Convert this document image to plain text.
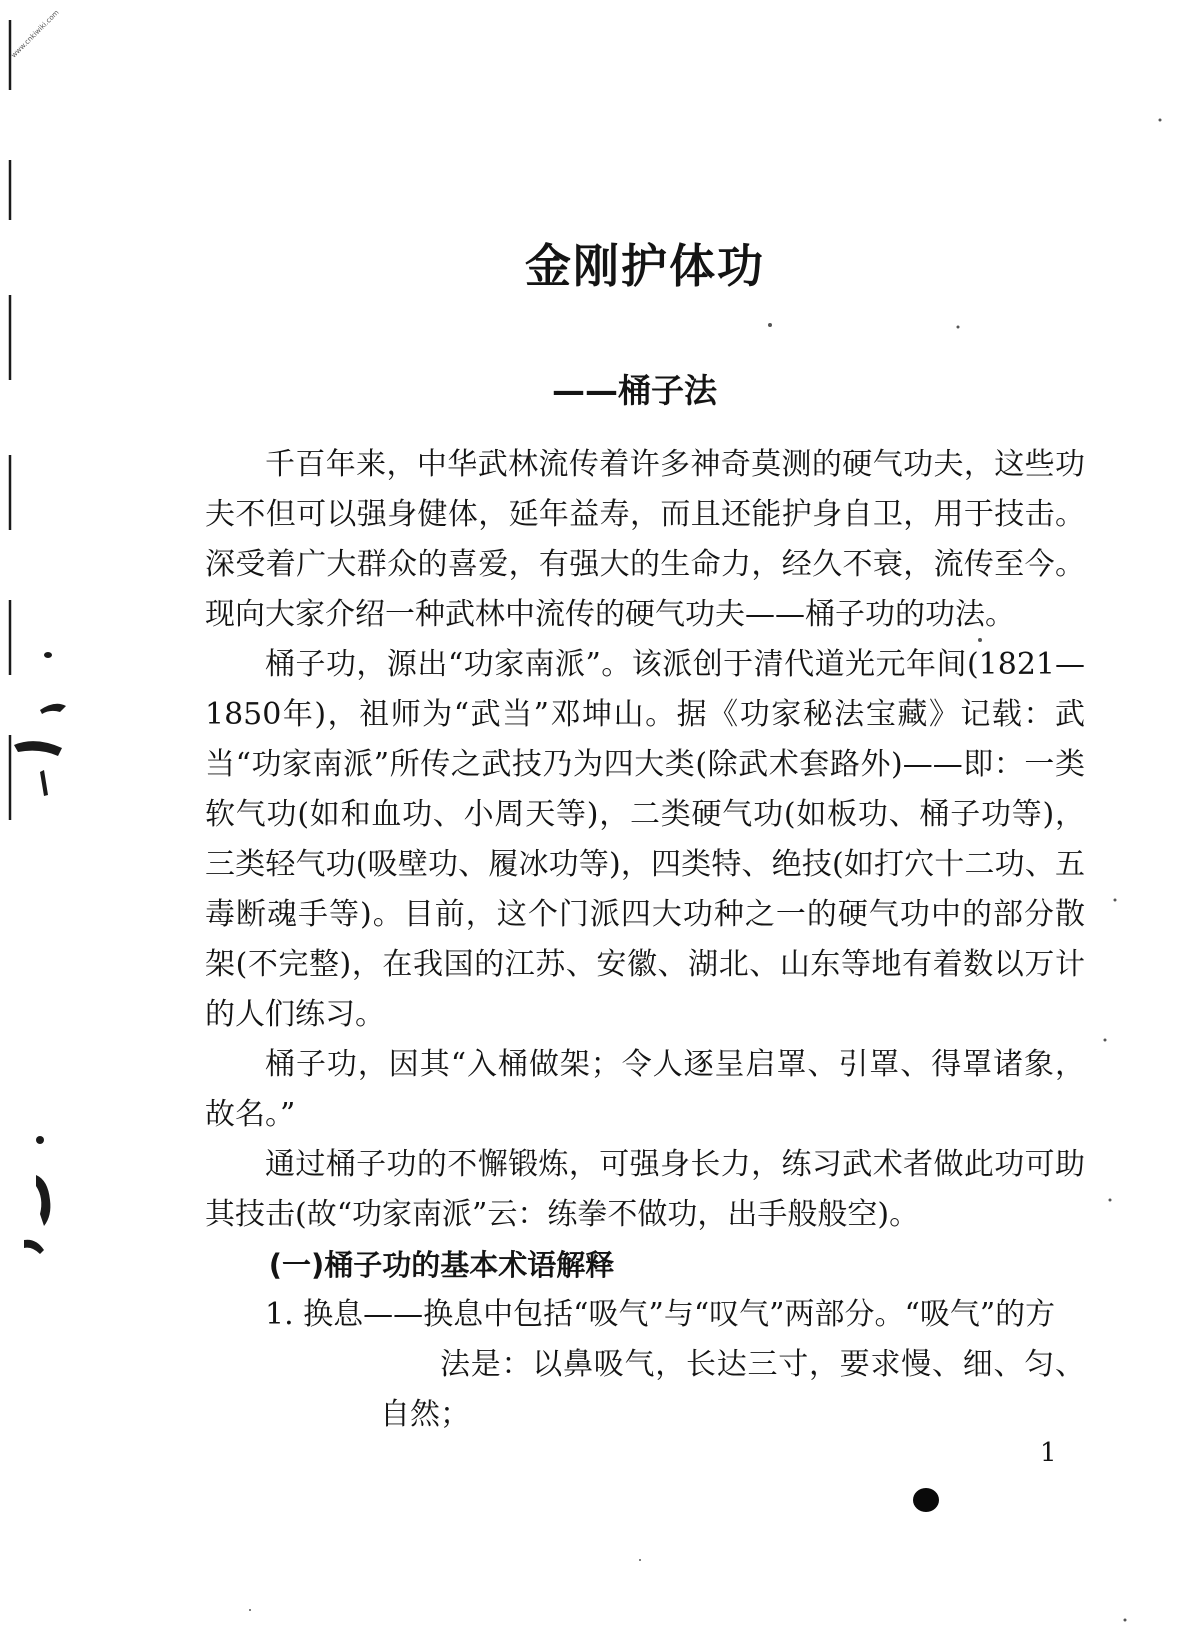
www.cnkiwiki.com
金刚护体功
——桶子法

千百年来，中华武林流传着许多神奇莫测的硬气功夫，这些功夫不但可以强身健体，延年益寿，而且还能护身自卫，用于技击。深受着广大群众的喜爱，有强大的生命力，经久不衰，流传至今。现向大家介绍一种武林中流传的硬气功夫——桶子功的功法。

桶子功，源出“功家南派”。该派创于清代道光元年间(1821—1850年)，祖师为“武当”邓坤山。据《功家秘法宝藏》记载：武当“功家南派”所传之武技乃为四大类(除武术套路外)——即：一类软气功(如和血功、小周天等)，二类硬气功(如板功、桶子功等)，三类轻气功(吸壁功、履冰功等)，四类特、绝技(如打穴十二功、五毒断魂手等)。目前，这个门派四大功种之一的硬气功中的部分散架(不完整)，在我国的江苏、安徽、湖北、山东等地有着数以万计的人们练习。

桶子功，因其“入桶做架；令人逐呈启罩、引罩、得罩诸象，故名。”

通过桶子功的不懈锻炼，可强身长力，练习武术者做此功可助其技击(故“功家南派”云：练拳不做功，出手般般空)。

(一)桶子功的基本术语解释

1. 换息——换息中包括“吸气”与“叹气”两部分。“吸气”的方

法是：以鼻吸气，长达三寸，要求慢、细、匀、自然；

1
